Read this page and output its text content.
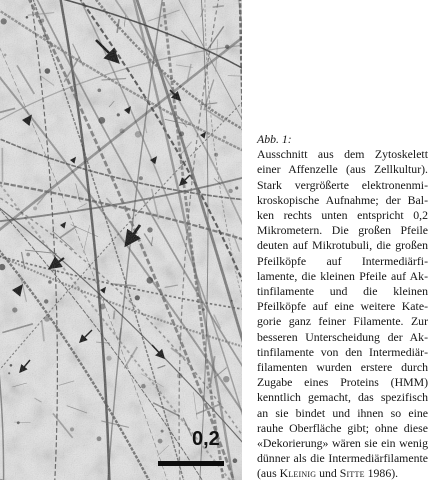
0,2
Abb. 1:

Ausschnitt aus dem Zytoskelett einer Affenzelle (aus Zellkultur). Stark vergrößerte elektronenmikroskopische Aufnahme; der Balken rechts unten entspricht 0,2 Mikrometern. Die großen Pfeile deuten auf Mikrotubuli, die großen Pfeilköpfe auf Intermediärfilamente, die kleinen Pfeile auf Aktinfilamente und die kleinen Pfeilköpfe auf eine weitere Kategorie ganz feiner Filamente. Zur besseren Unterscheidung der Aktinfilamente von den Intermediärfilamenten wurden erstere durch Zugabe eines Proteins (HMM) kenntlich gemacht, das spezifisch an sie bindet und ihnen so eine rauhe Oberfläche gibt; ohne diese «Dekorierung» wären sie ein wenig dünner als die Intermediärfilamente (aus Kleinig und Sitte 1986).
